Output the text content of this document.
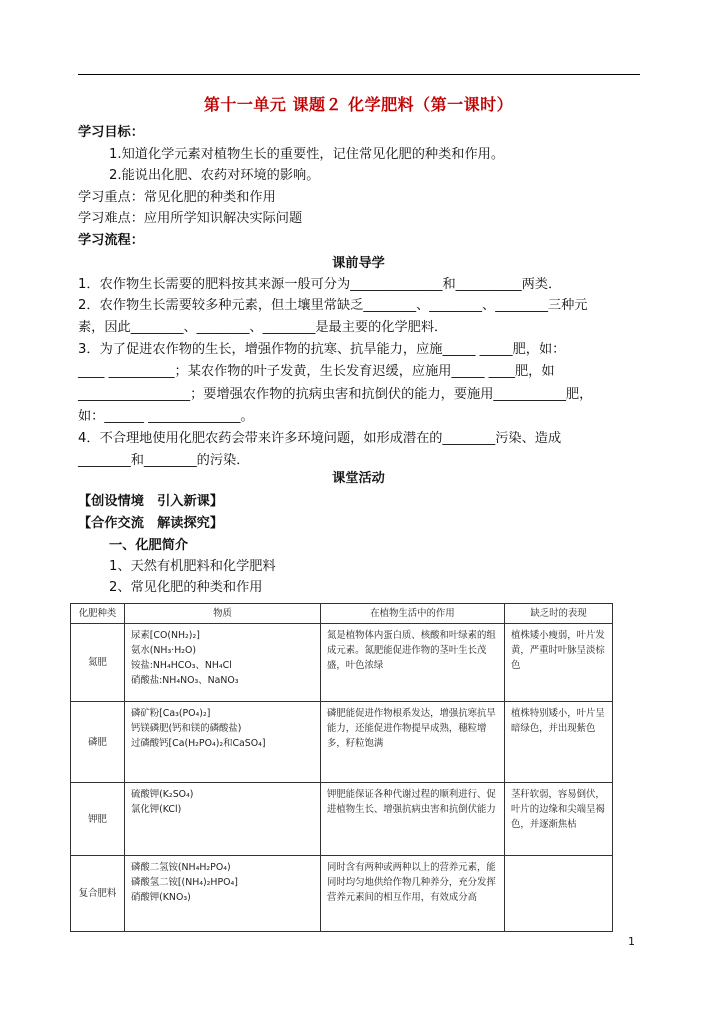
第十一单元 课题２ 化学肥料（第一课时）
学习目标：
1.知道化学元素对植物生长的重要性，记住常见化肥的种类和作用。
2.能说出化肥、农药对环境的影响。
学习重点：常见化肥的种类和作用
学习难点：应用所学知识解决实际问题
学习流程：
课前导学
1．农作物生长需要的肥料按其来源一般可分为______________和__________两类．
2．农作物生长需要较多种元素，但土壤里常缺乏________、________、________三种元
素，因此________、________、________是最主要的化学肥料．
3．为了促进农作物的生长，增强作物的抗寒、抗旱能力，应施_____ _____肥，如：
____ __________；某农作物的叶子发黄，生长发育迟缓，应施用_____ ____肥，如
_________________；要增强农作物的抗病虫害和抗倒伏的能力，要施用___________肥，
如：______ ______________。
4．不合理地使用化肥农药会带来许多环境问题，如形成潜在的________污染、造成
________和________的污染．
课堂活动
【创设情境　引入新课】
【合作交流　解读探究】
一、化肥简介
1、天然有机肥料和化学肥料
2、常见化肥的种类和作用
化肥种类	物质	在植物生活中的作用	缺乏时的表现
氮肥	尿素[CO(NH₂)₂]
氨水(NH₃·H₂O)
铵盐:NH₄HCO₃、NH₄Cl
硝酸盐:NH₄NO₃、NaNO₃	氮是植物体内蛋白质、核酸和叶绿素的组成元素。氮肥能促进作物的茎叶生长茂盛，叶色浓绿	植株矮小瘦弱，叶片发黄，严重时叶脉呈淡棕色
磷肥	磷矿粉[Ca₃(PO₄)₂]
钙镁磷肥(钙和镁的磷酸盐)
过磷酸钙[Ca(H₂PO₄)₂和CaSO₄]	磷肥能促进作物根系发达，增强抗寒抗旱能力，还能促进作物提早成熟，穗粒增多，籽粒饱满	植株特别矮小，叶片呈暗绿色，并出现紫色
钾肥	硫酸钾(K₂SO₄)
氯化钾(KCl)	钾肥能保证各种代谢过程的顺利进行、促进植物生长、增强抗病虫害和抗倒伏能力	茎秆软弱，容易倒伏，叶片的边缘和尖端呈褐色，并逐渐焦枯
复合肥料	磷酸二氢铵(NH₄H₂PO₄)
磷酸氢二铵[(NH₄)₂HPO₄]
硝酸钾(KNO₃)	同时含有两种或两种以上的营养元素，能同时均匀地供给作物几种养分，充分发挥营养元素间的相互作用，有效成分高	
1
